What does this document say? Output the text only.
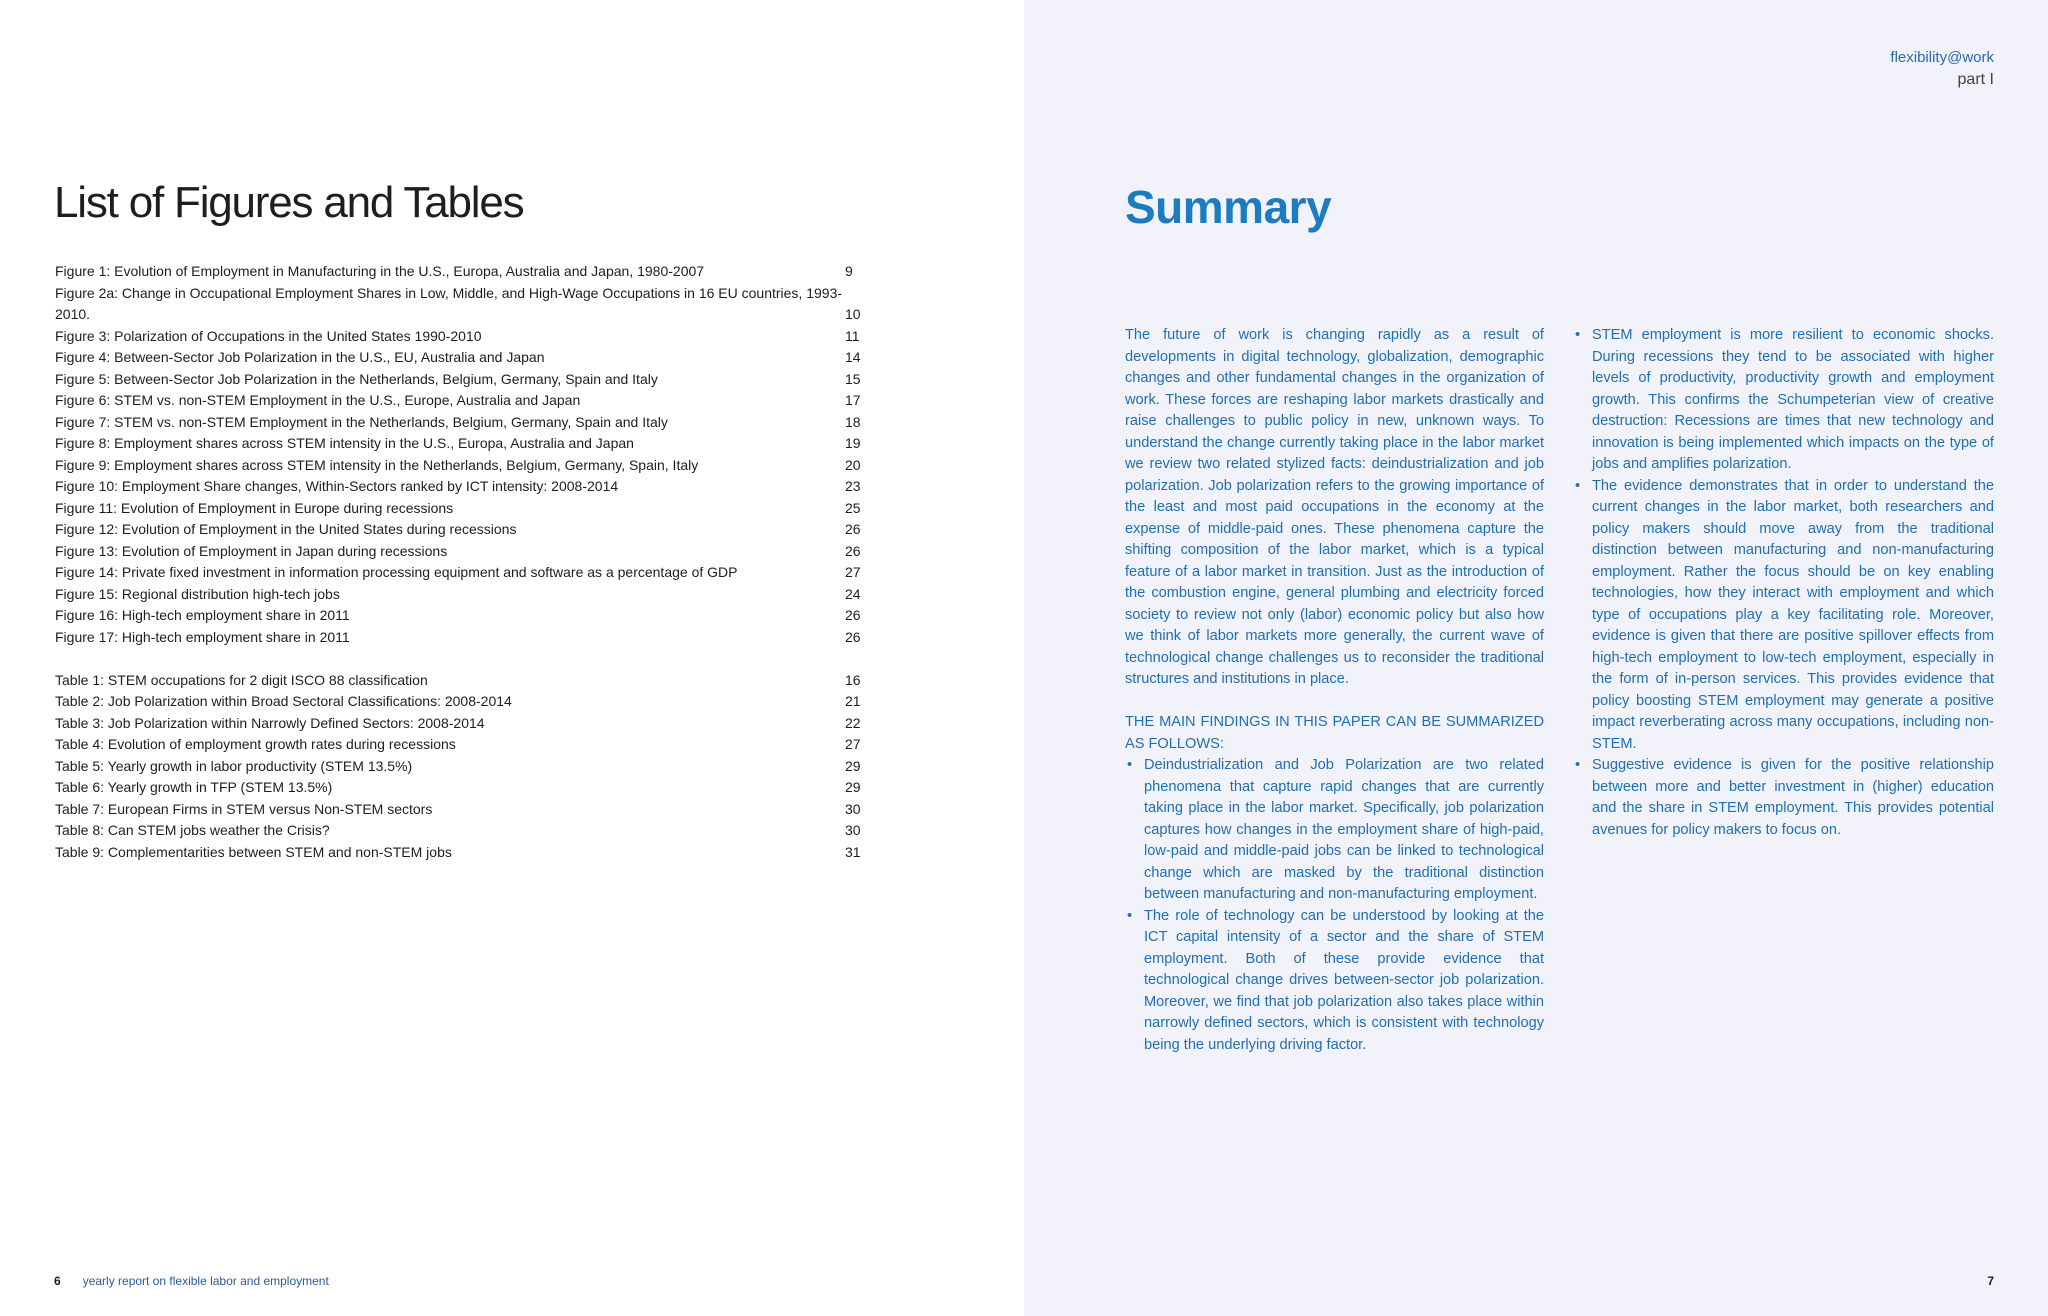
List of Figures and Tables
Figure 1: Evolution of Employment in Manufacturing in the U.S., Europa, Australia and Japan, 1980-2007	9
Figure 2a: Change in Occupational Employment Shares in Low, Middle, and High-Wage Occupations in 16 EU countries, 1993-2010.	10
Figure 3: Polarization of Occupations in the United States 1990-2010	11
Figure 4: Between-Sector Job Polarization in the U.S., EU, Australia and Japan	14
Figure 5: Between-Sector Job Polarization in the Netherlands, Belgium, Germany, Spain and Italy	15
Figure 6: STEM vs. non-STEM Employment in the U.S., Europe, Australia and Japan	17
Figure 7: STEM vs. non-STEM Employment in the Netherlands, Belgium, Germany, Spain and Italy	18
Figure 8: Employment shares across STEM intensity in the U.S., Europa, Australia and Japan	19
Figure 9: Employment shares across STEM intensity in the Netherlands, Belgium, Germany, Spain, Italy	20
Figure 10: Employment Share changes, Within-Sectors ranked by ICT intensity: 2008-2014	23
Figure 11: Evolution of Employment in Europe during recessions	25
Figure 12: Evolution of Employment in the United States during recessions	26
Figure 13: Evolution of Employment in Japan during recessions	26
Figure 14: Private fixed investment in information processing equipment and software as a percentage of GDP	27
Figure 15: Regional distribution high-tech jobs	24
Figure 16: High-tech employment share in 2011	26
Figure 17: High-tech employment share in 2011	26
Table 1: STEM occupations for 2 digit ISCO 88 classification	16
Table 2: Job Polarization within Broad Sectoral Classifications: 2008-2014	21
Table 3: Job Polarization within Narrowly Defined Sectors: 2008-2014	22
Table 4: Evolution of employment growth rates during recessions	27
Table 5: Yearly growth in labor productivity (STEM 13.5%)	29
Table 6: Yearly growth in TFP (STEM 13.5%)	29
Table 7: European Firms in STEM versus Non-STEM sectors	30
Table 8: Can STEM jobs weather the Crisis?	30
Table 9: Complementarities between STEM and non-STEM jobs	31
6 yearly report on flexible labor and employment
flexibility@work
part I
Summary

The future of work is changing rapidly as a result of developments in digital technology, globalization, demographic changes and other fundamental changes in the organization of work. These forces are reshaping labor markets drastically and raise challenges to public policy in new, unknown ways. To understand the change currently taking place in the labor market we review two related stylized facts: deindustrialization and job polarization. Job polarization refers to the growing importance of the least and most paid occupations in the economy at the expense of middle-paid ones. These phenomena capture the shifting composition of the labor market, which is a typical feature of a labor market in transition. Just as the introduction of the combustion engine, general plumbing and electricity forced society to review not only (labor) economic policy but also how we think of labor markets more generally, the current wave of technological change challenges us to reconsider the traditional structures and institutions in place.

THE MAIN FINDINGS IN THIS PAPER CAN BE SUMMARIZED AS FOLLOWS:

• Deindustrialization and Job Polarization are two related phenomena that capture rapid changes that are currently taking place in the labor market. Specifically, job polarization captures how changes in the employment share of high-paid, low-paid and middle-paid jobs can be linked to technological change which are masked by the traditional distinction between manufacturing and non-manufacturing employment.
• The role of technology can be understood by looking at the ICT capital intensity of a sector and the share of STEM employment. Both of these provide evidence that technological change drives between-sector job polarization. Moreover, we find that job polarization also takes place within narrowly defined sectors, which is consistent with technology being the underlying driving factor.
• STEM employment is more resilient to economic shocks. During recessions they tend to be associated with higher levels of productivity, productivity growth and employment growth. This confirms the Schumpeterian view of creative destruction: Recessions are times that new technology and innovation is being implemented which impacts on the type of jobs and amplifies polarization.
• The evidence demonstrates that in order to understand the current changes in the labor market, both researchers and policy makers should move away from the traditional distinction between manufacturing and non-manufacturing employment. Rather the focus should be on key enabling technologies, how they interact with employment and which type of occupations play a key facilitating role. Moreover, evidence is given that there are positive spillover effects from high-tech employment to low-tech employment, especially in the form of in-person services. This provides evidence that policy boosting STEM employment may generate a positive impact reverberating across many occupations, including non-STEM.
• Suggestive evidence is given for the positive relationship between more and better investment in (higher) education and the share in STEM employment. This provides potential avenues for policy makers to focus on.
7
